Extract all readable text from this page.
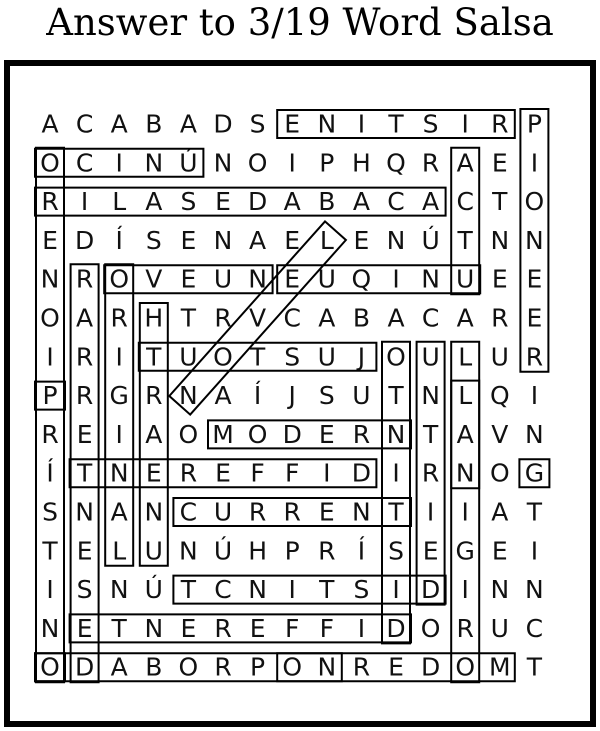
Answer to 3/19 Word Salsa
A C A B A D S E N I T S I R P
O C I N Ú N O I P H Q R A E I
R I L A S E D A B A C A C T O
E D Í S E N A E L E N Ú T N N
N R O V E U N E U Q I N U E E
O A R H T R V C A B A C A R E
I R I T U O T S U J O U L U R
P R G R N A Í J S U T N L Q I
R E I A O M O D E R N T A V N
Í T N E R E F F I D I R N O G
S N A N C U R R E N T I I A T
T E L U N Ú H P R Í S E G E I
I S N Ú T C N I T S I D I N N
N E T N E R E F F I D O R U C
O D A B O R P O N R E D O M T
